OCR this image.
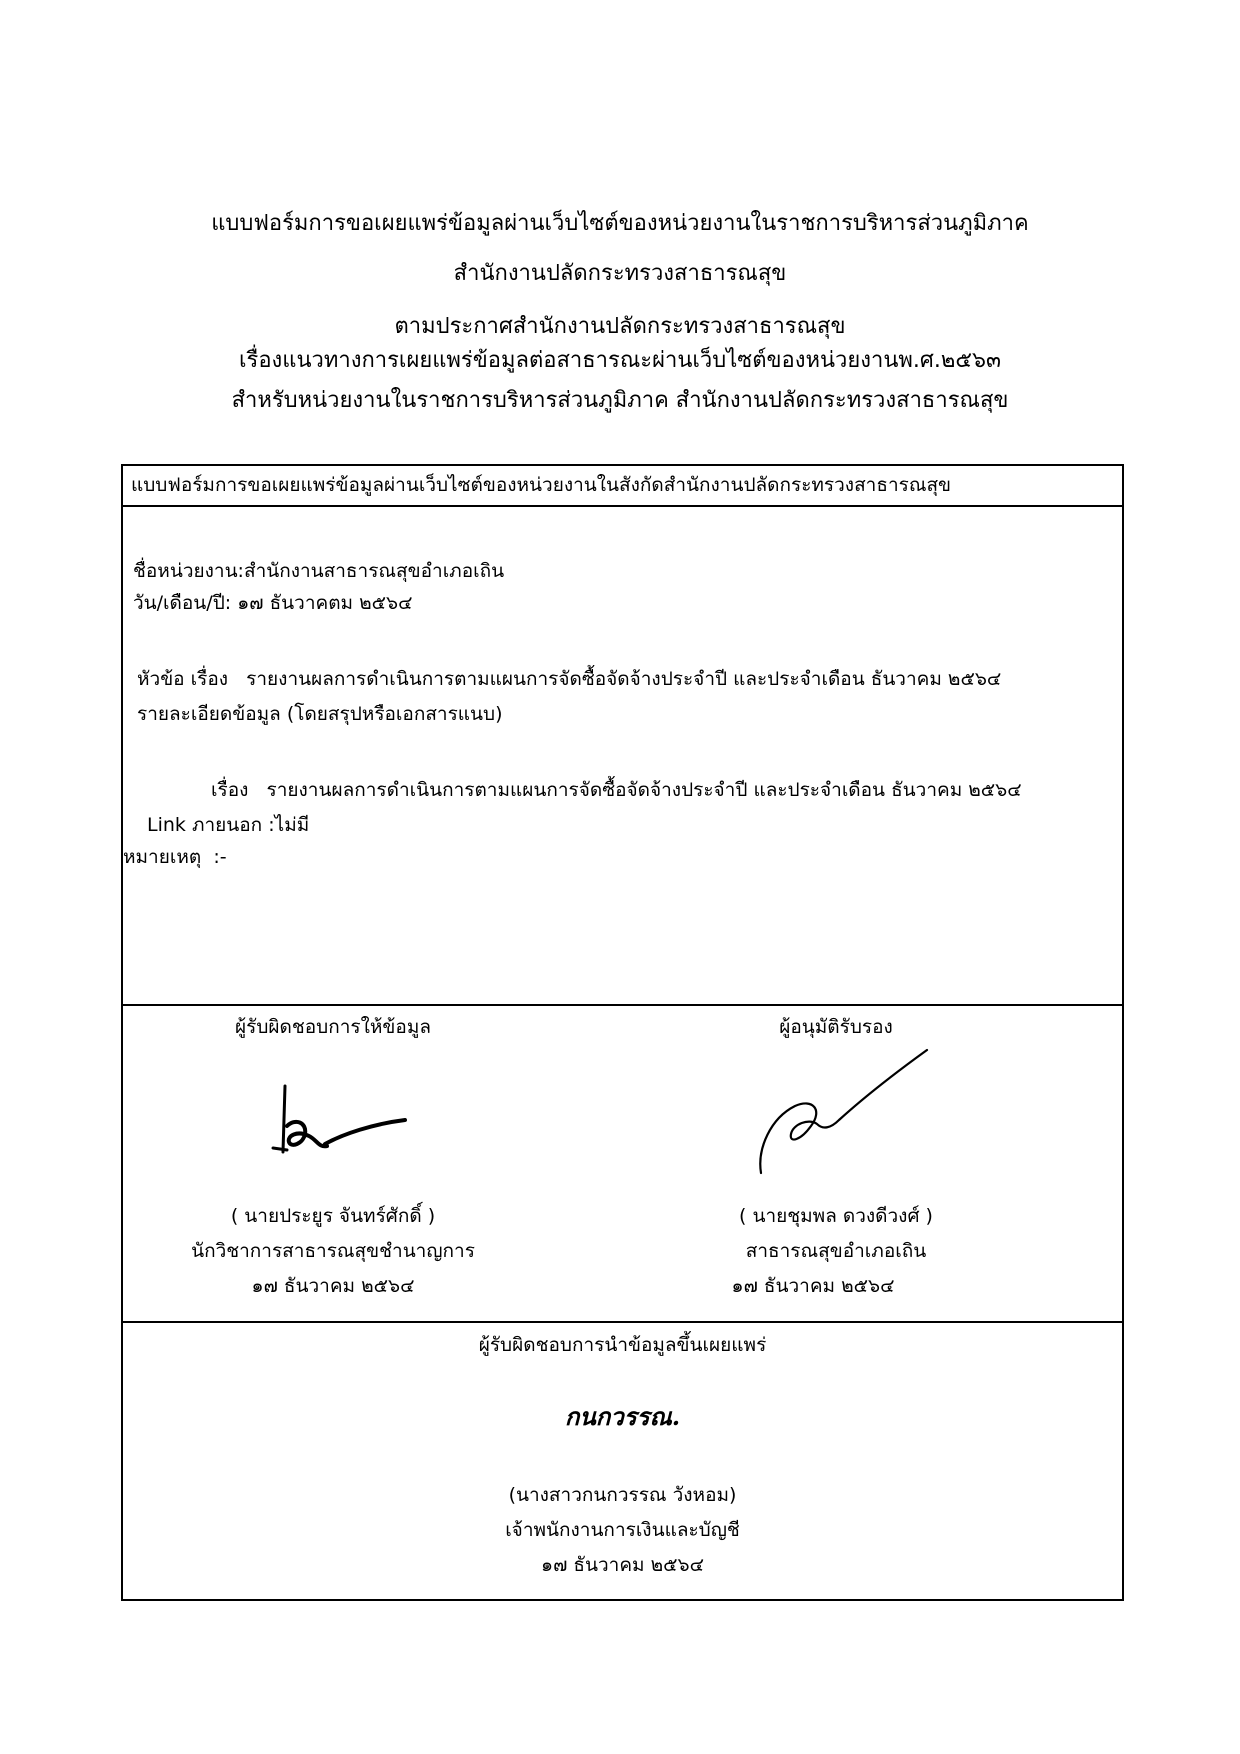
แบบฟอร์มการขอเผยแพร่ข้อมูลผ่านเว็บไซต์ของหน่วยงานในราชการบริหารส่วนภูมิภาค
สำนักงานปลัดกระทรวงสาธารณสุข
ตามประกาศสำนักงานปลัดกระทรวงสาธารณสุข
เรื่องแนวทางการเผยแพร่ข้อมูลต่อสาธารณะผ่านเว็บไซต์ของหน่วยงานพ.ศ.๒๕๖๓
สำหรับหน่วยงานในราชการบริหารส่วนภูมิภาค สำนักงานปลัดกระทรวงสาธารณสุข
แบบฟอร์มการขอเผยแพร่ข้อมูลผ่านเว็บไซต์ของหน่วยงานในสังกัดสำนักงานปลัดกระทรวงสาธารณสุข
ชื่อหน่วยงาน:สำนักงานสาธารณสุขอำเภอเถิน
วัน/เดือน/ปี: ๑๗ ธันวาคตม ๒๕๖๔
หัวข้อ เรื่อง รายงานผลการดำเนินการตามแผนการจัดซื้อจัดจ้างประจำปี และประจำเดือน ธันวาคม ๒๕๖๔
รายละเอียดข้อมูล (โดยสรุปหรือเอกสารแนบ)
เรื่อง รายงานผลการดำเนินการตามแผนการจัดซื้อจัดจ้างประจำปี และประจำเดือน ธันวาคม ๒๕๖๔
Link ภายนอก :ไม่มี
หมายเหตุ :-
ผู้รับผิดชอบการให้ข้อมูล
( นายประยูร จันทร์ศักดิ์ )
นักวิชาการสาธารณสุขชำนาญการ
๑๗ ธันวาคม ๒๕๖๔
ผู้อนุมัติรับรอง
( นายชุมพล ดวงดีวงศ์ )
สาธารณสุขอำเภอเถิน
๑๗ ธันวาคม ๒๕๖๔
ผู้รับผิดชอบการนำข้อมูลขึ้นเผยแพร่
กนกวรรณ.
(นางสาวกนกวรรณ วังหอม)
เจ้าพนักงานการเงินและบัญชี
๑๗ ธันวาคม ๒๕๖๔
